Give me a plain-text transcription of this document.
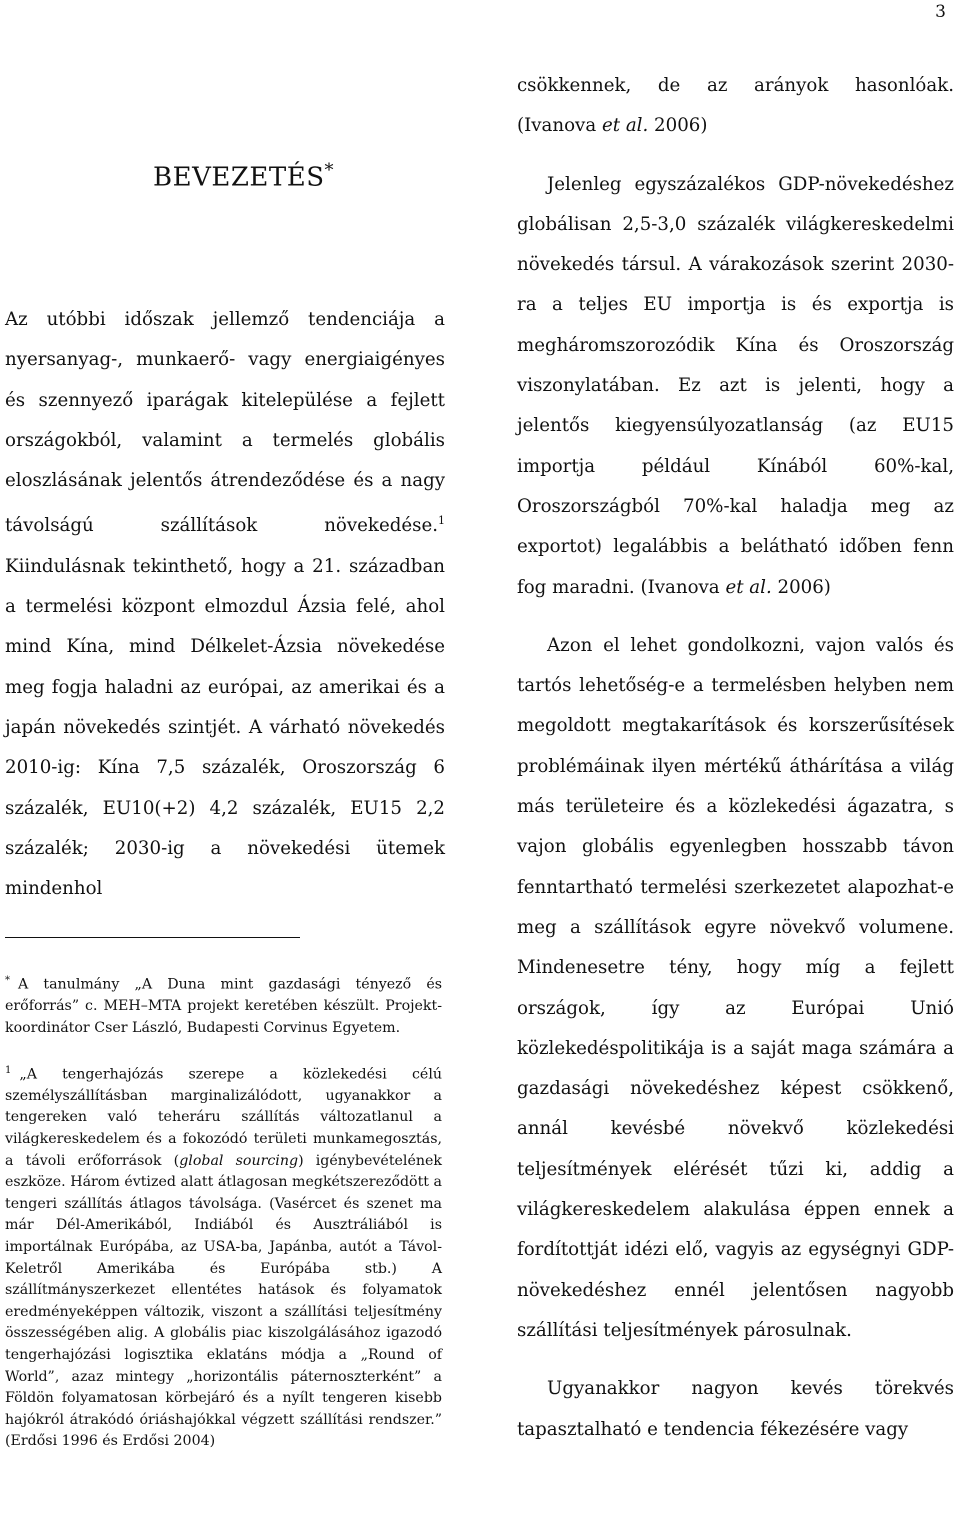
3
BEVEZETÉS*

Az utóbbi időszak jellemző tendenciája a nyersanyag-, munkaerő- vagy energiaigényes és szennyező iparágak kitelepülése a fejlett országokból, valamint a termelés globális eloszlásának jelentős átrendeződése és a nagy távolságú szállítások növekedése.$^1$ Kiindulásnak tekinthető, hogy a 21. században a termelési központ elmozdul Ázsia felé, ahol mind Kína, mind Délkelet-Ázsia növekedése meg fogja haladni az európai, az amerikai és a japán növekedés szintjét. A várható növekedés 2010-ig: Kína 7,5 százalék, Oroszország 6 százalék, EU10(+2) 4,2 százalék, EU15 2,2 százalék; 2030-ig a növekedési ütemek mindenhol

* A tanulmány „A Duna mint gazdasági tényező és erőforrás” c. MEH–MTA projekt keretében készült. Projekt-koordinátor Cser László, Budapesti Corvinus Egyetem.

$^1$ „A tengerhajózás szerepe a közlekedési célú személyszállításban marginalizálódott, ugyanakkor a tengereken való teheráru szállítás változatlanul a világkereskedelem és a fokozódó területi munkamegosztás, a távoli erőforrások (global sourcing) igénybevételének eszköze. Három évtized alatt átlagosan megkétszereződött a tengeri szállítás átlagos távolsága. (Vasércet és szenet ma már Dél-Amerikából, Indiából és Ausztráliából is importálnak Európába, az USA-ba, Japánba, autót a Távol-Keletről Amerikába és Európába stb.) A szállítmányszerkezet ellentétes hatások és folyamatok eredményeképpen változik, viszont a szállítási teljesítmény összességében alig. A globális piac kiszolgálásához igazodó tengerhajózási logisztika eklatáns módja a „Round of World”, azaz mintegy „horizontális páternoszterként” a Földön folyamatosan körbejáró és a nyílt tengeren kisebb hajókról átrakódó óriáshajókkal végzett szállítási rendszer.” (Erdősi 1996 és Erdősi 2004)

csökkennek, de az arányok hasonlóak. (Ivanova et al. 2006)

Jelenleg egyszázalékos GDP-növekedéshez globálisan 2,5-3,0 százalék világkereskedelmi növekedés társul. A várakozások szerint 2030-ra a teljes EU importja is és exportja is megháromszorozódik Kína és Oroszország viszonylatában. Ez azt is jelenti, hogy a jelentős kiegyensúlyozatlanság (az EU15 importja például Kínából 60%-kal, Oroszországból 70%-kal haladja meg az exportot) legalábbis a belátható időben fenn fog maradni. (Ivanova et al. 2006)

Azon el lehet gondolkozni, vajon valós és tartós lehetőség-e a termelésben helyben nem megoldott megtakarítások és korszerűsítések problémáinak ilyen mértékű áthárítása a világ más területeire és a közlekedési ágazatra, s vajon globális egyenlegben hosszabb távon fenntartható termelési szerkezetet alapozhat-e meg a szállítások egyre növekvő volumene. Mindenesetre tény, hogy míg a fejlett országok, így az Európai Unió közlekedéspolitikája is a saját maga számára a gazdasági növekedéshez képest csökkenő, annál kevésbé növekvő közlekedési teljesítmények elérését tűzi ki, addig a világkereskedelem alakulása éppen ennek a fordítottját idézi elő, vagyis az egységnyi GDP-növekedéshez ennél jelentősen nagyobb szállítási teljesítmények párosulnak.

Ugyanakkor nagyon kevés törekvés tapasztalható e tendencia fékezésére vagy
